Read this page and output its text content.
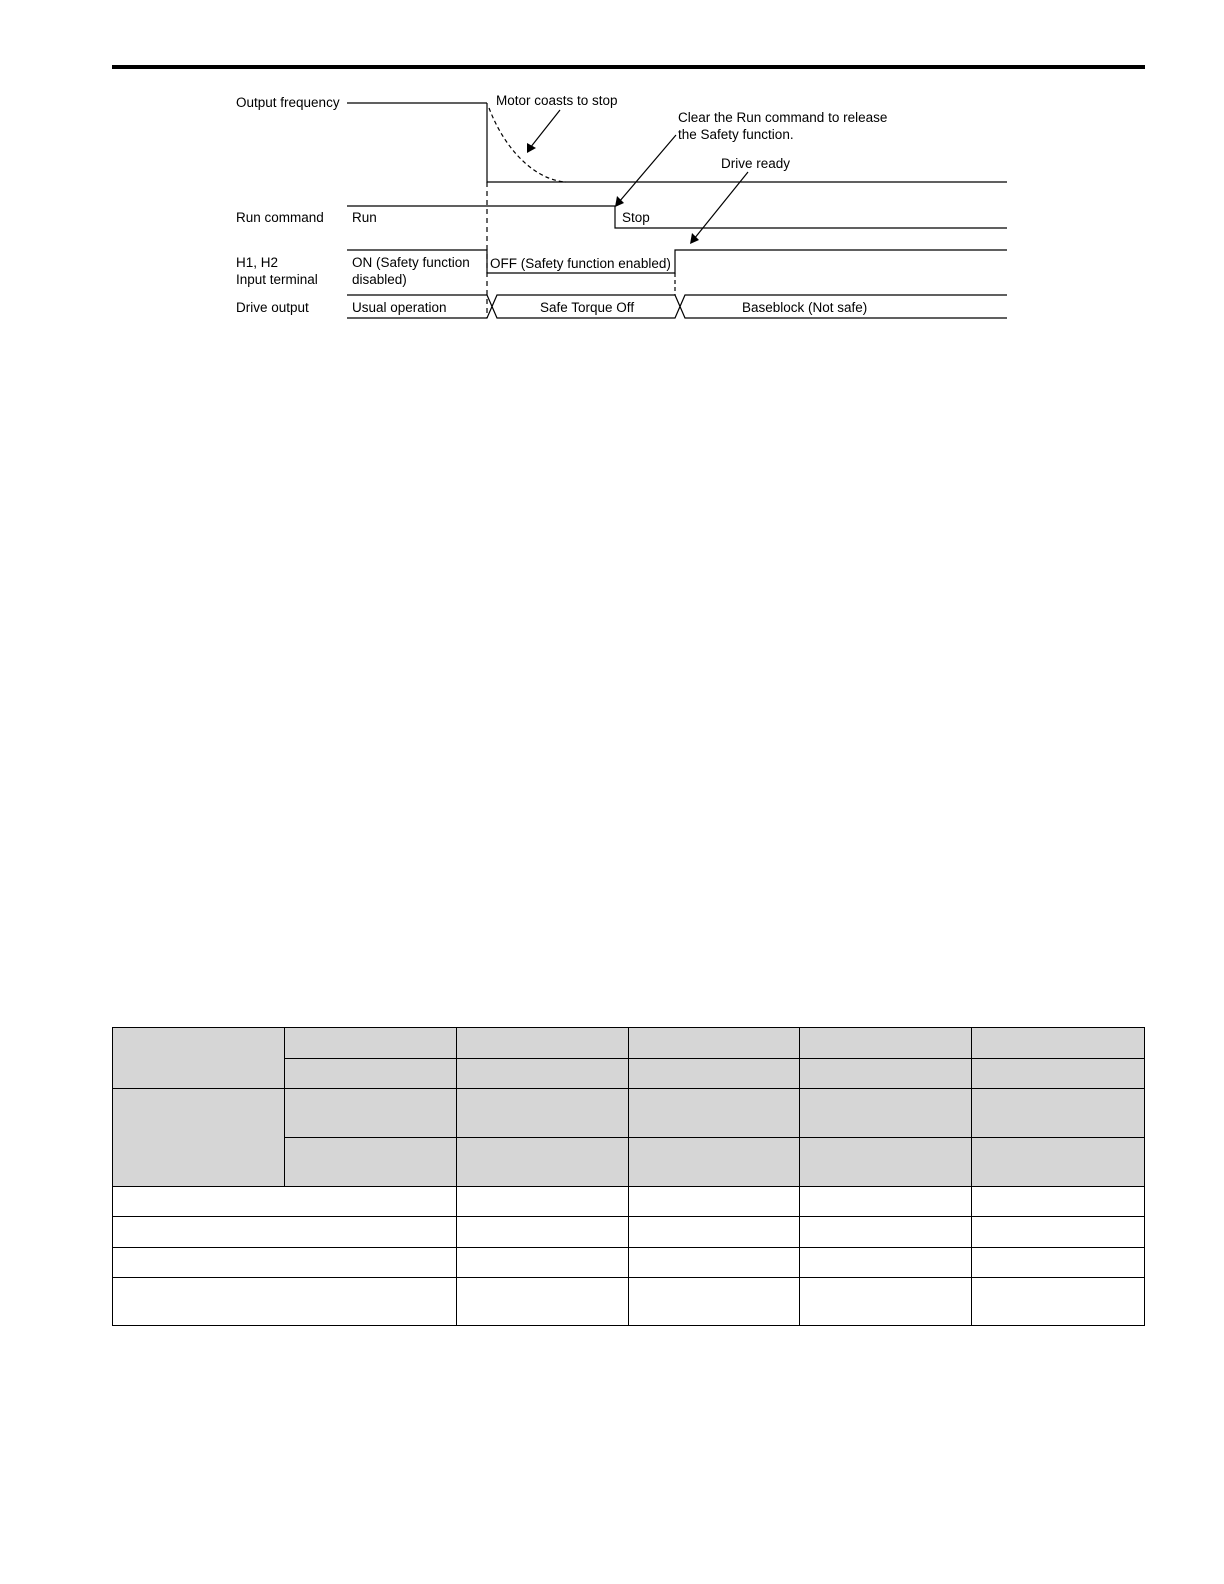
Output frequency
Run command
H1, H2
Input terminal
Drive output
Motor coasts to stop
Clear the Run command to release
the Safety function.
Drive ready
Run	Stop
ON (Safety function
disabled)
OFF (Safety function enabled)
Usual operation	Safe Torque Off	Baseblock (Not safe)
